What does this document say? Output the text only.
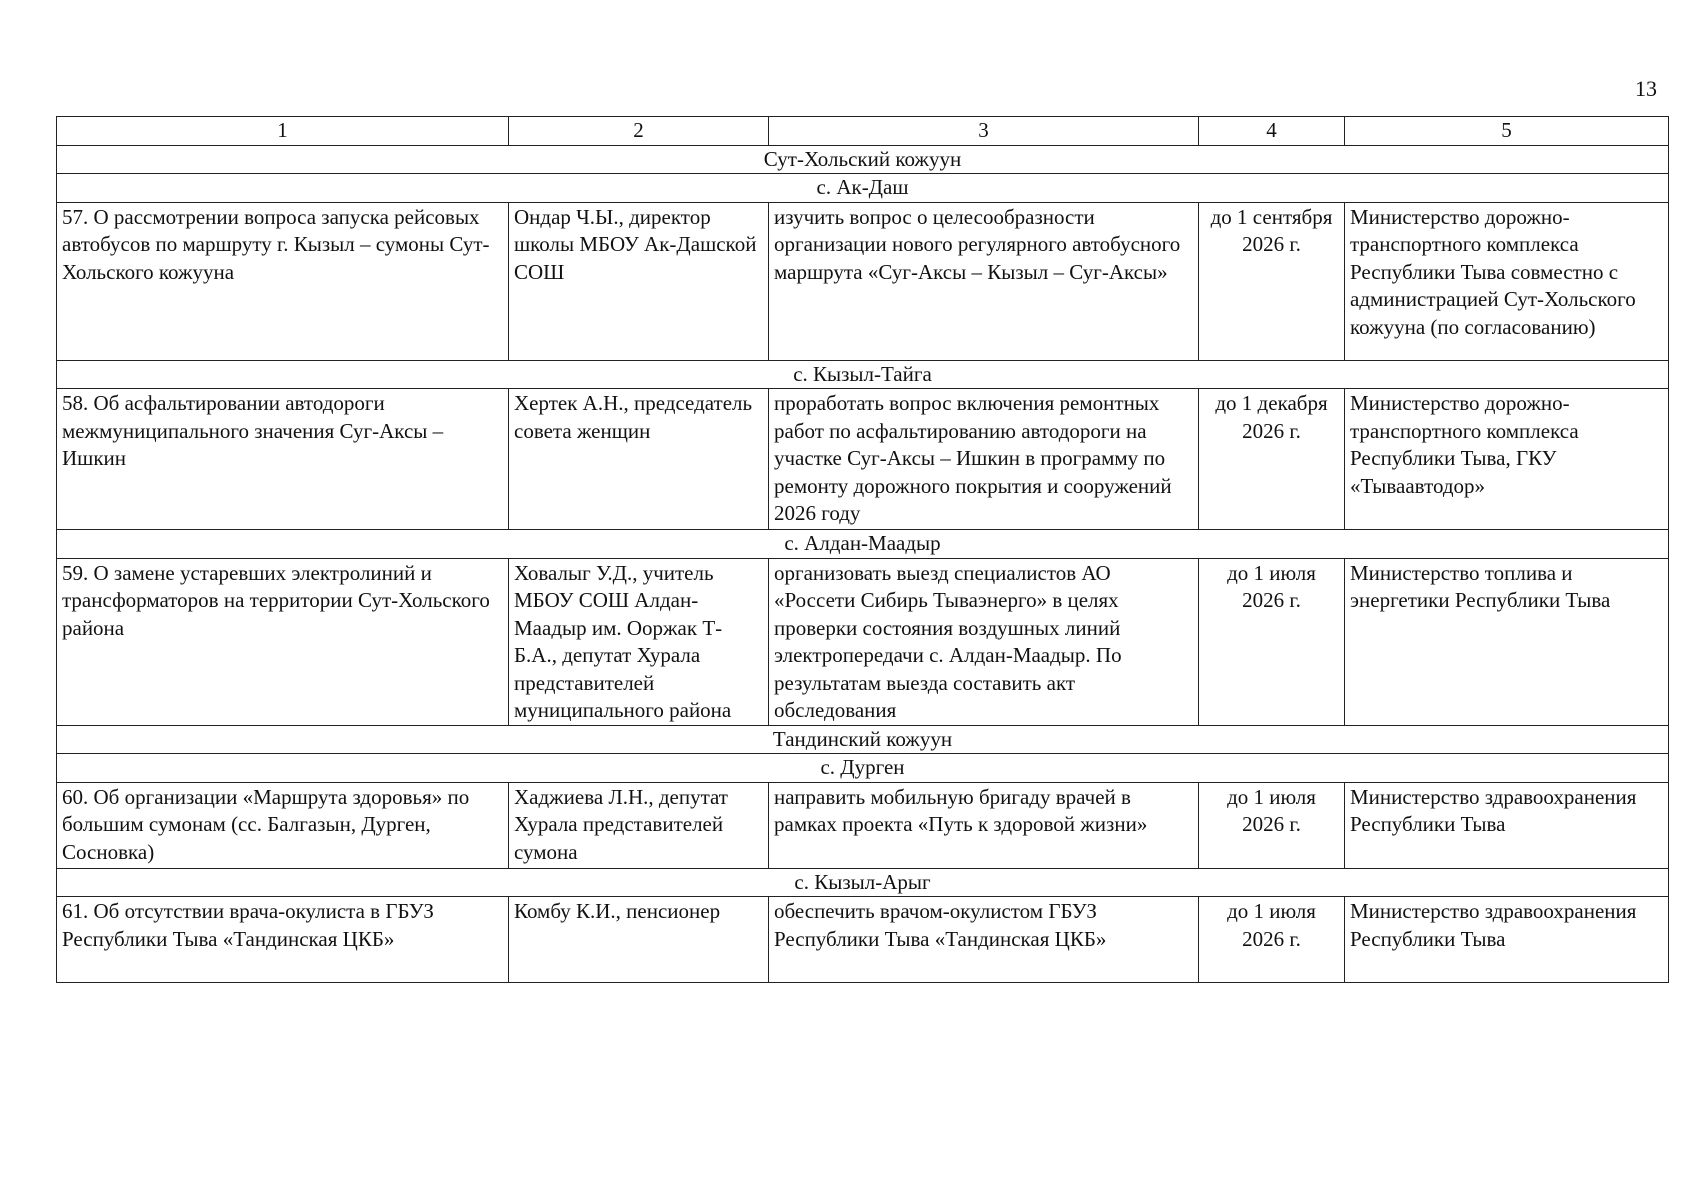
13
1	2	3	4	5
Сут-Хольский кожуун				
с. Ак-Даш				
57. О рассмотрении вопроса запуска рейсовых автобусов по маршруту г. Кызыл – сумоны Сут-Хольского кожууна	Ондар Ч.Ы., директор школы МБОУ Ак-Дашской СОШ	изучить вопрос о целесообразности организации нового регулярного автобусного маршрута «Суг-Аксы – Кызыл – Суг-Аксы»	до 1 сентября 2026 г.	Министерство дорожно-транспортного комплекса Республики Тыва совместно с администрацией Сут-Хольского кожууна (по согласованию)
с. Кызыл-Тайга				
58. Об асфальтировании автодороги межмуниципального значения Суг-Аксы – Ишкин	Хертек А.Н., председатель совета женщин	проработать вопрос включения ремонтных работ по асфальтированию автодороги на участке Суг-Аксы – Ишкин в программу по ремонту дорожного покрытия и сооружений 2026 году	до 1 декабря 2026 г.	Министерство дорожно-транспортного комплекса Республики Тыва, ГКУ «Тываавтодор»
с. Алдан-Маадыр				
59. О замене устаревших электролиний и трансформаторов на территории Сут-Хольского района	Ховалыг У.Д., учитель МБОУ СОШ Алдан-Маадыр им. Ооржак Т-Б.А., депутат Хурала представителей муниципального района	организовать выезд специалистов АО «Россети Сибирь Тываэнерго» в целях проверки состояния воздушных линий электропередачи с. Алдан-Маадыр. По результатам выезда составить акт обследования	до 1 июля 2026 г.	Министерство топлива и энергетики Республики Тыва
Тандинский кожуун				
с. Дурген				
60. Об организации «Маршрута здоровья» по большим сумонам (сс. Балгазын, Дурген, Сосновка)	Хаджиева Л.Н., депутат Хурала представителей сумона	направить мобильную бригаду врачей в рамках проекта «Путь к здоровой жизни»	до 1 июля 2026 г.	Министерство здравоохранения Республики Тыва
с. Кызыл-Арыг				
61. Об отсутствии врача-окулиста в ГБУЗ Республики Тыва «Тандинская ЦКБ»	Комбу К.И., пенсионер	обеспечить врачом-окулистом ГБУЗ Республики Тыва «Тандинская ЦКБ»	до 1 июля 2026 г.	Министерство здравоохранения Республики Тыва
